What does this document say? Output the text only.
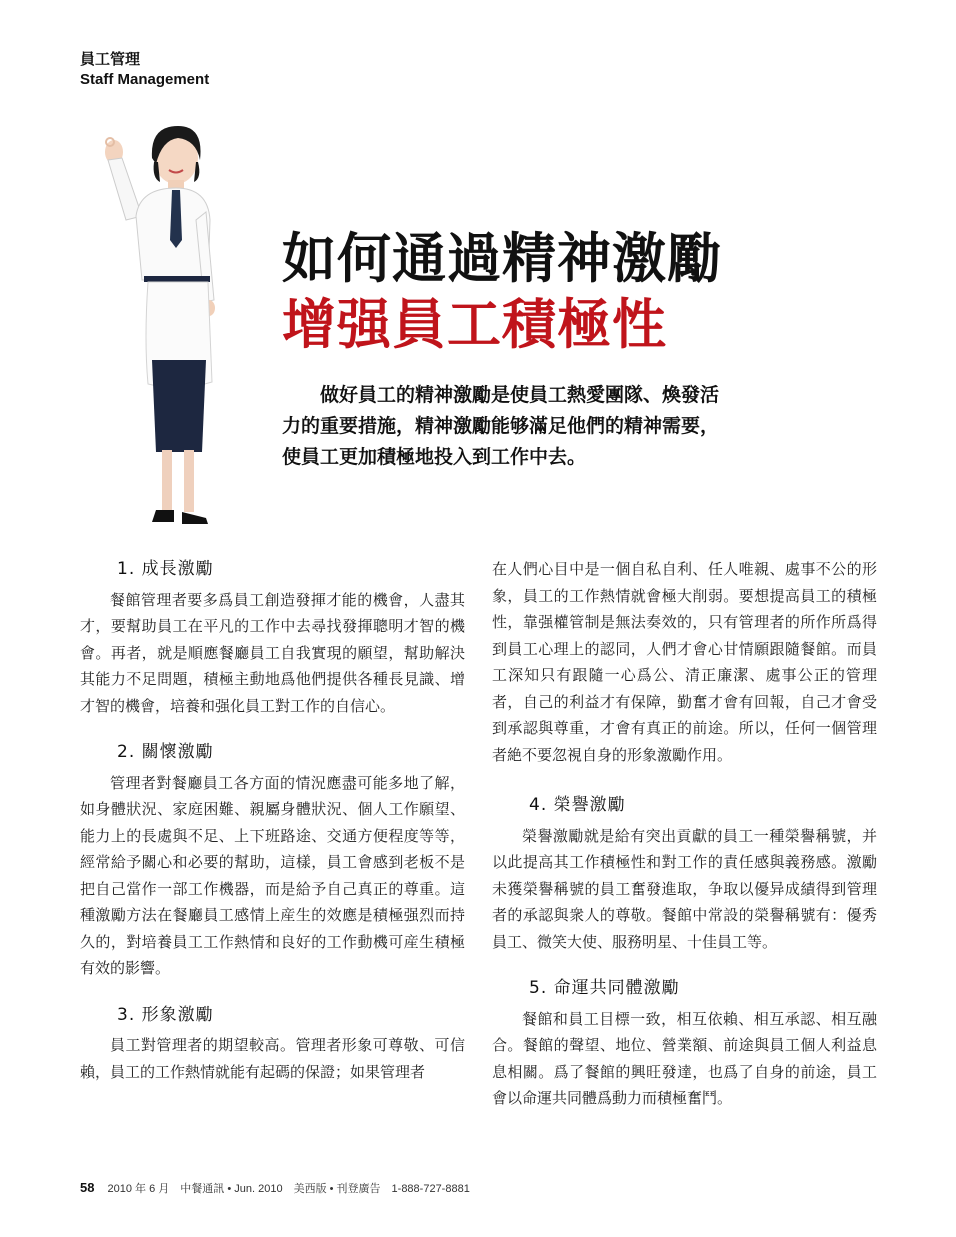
員工管理
Staff Management
如何通過精神激勵
增强員工積極性

做好員工的精神激勵是使員工熱愛團隊、煥發活力的重要措施，精神激勵能够滿足他們的精神需要，使員工更加積極地投入到工作中去。

1. 成長激勵

餐館管理者要多爲員工創造發揮才能的機會，人盡其才，要幫助員工在平凡的工作中去尋找發揮聰明才智的機會。再者，就是順應餐廳員工自我實現的願望，幫助解決其能力不足問題，積極主動地爲他們提供各種長見識、增才智的機會，培養和强化員工對工作的自信心。

2. 關懷激勵

管理者對餐廳員工各方面的情況應盡可能多地了解，如身體狀況、家庭困難、親屬身體狀況、個人工作願望、能力上的長處與不足、上下班路途、交通方便程度等等，經常給予關心和必要的幫助，這樣，員工會感到老板不是把自己當作一部工作機器，而是給予自己真正的尊重。這種激勵方法在餐廳員工感情上産生的效應是積極强烈而持久的，對培養員工工作熱情和良好的工作動機可産生積極有效的影響。

3. 形象激勵

員工對管理者的期望較高。管理者形象可尊敬、可信賴，員工的工作熱情就能有起碼的保證；如果管理者

在人們心目中是一個自私自利、任人唯親、處事不公的形象，員工的工作熱情就會極大削弱。要想提高員工的積極性，靠强權管制是無法奏效的，只有管理者的所作所爲得到員工心理上的認同，人們才會心甘情願跟隨餐館。而員工深知只有跟隨一心爲公、清正廉潔、處事公正的管理者，自己的利益才有保障，勤奮才會有回報，自己才會受到承認與尊重，才會有真正的前途。所以，任何一個管理者絶不要忽視自身的形象激勵作用。

4. 榮譽激勵

榮譽激勵就是給有突出貢獻的員工一種榮譽稱號，并以此提高其工作積極性和對工作的責任感與義務感。激勵未獲榮譽稱號的員工奮發進取，争取以優异成績得到管理者的承認與衆人的尊敬。餐館中常設的榮譽稱號有：優秀員工、微笑大使、服務明星、十佳員工等。

5. 命運共同體激勵

餐館和員工目標一致，相互依賴、相互承認、相互融合。餐館的聲望、地位、營業額、前途與員工個人利益息息相關。爲了餐館的興旺發達，也爲了自身的前途，員工會以命運共同體爲動力而積極奮鬥。

58 2010 年 6 月　中餐通訊 • Jun. 2010　美西版 • 刊登廣告　1-888-727-8881
